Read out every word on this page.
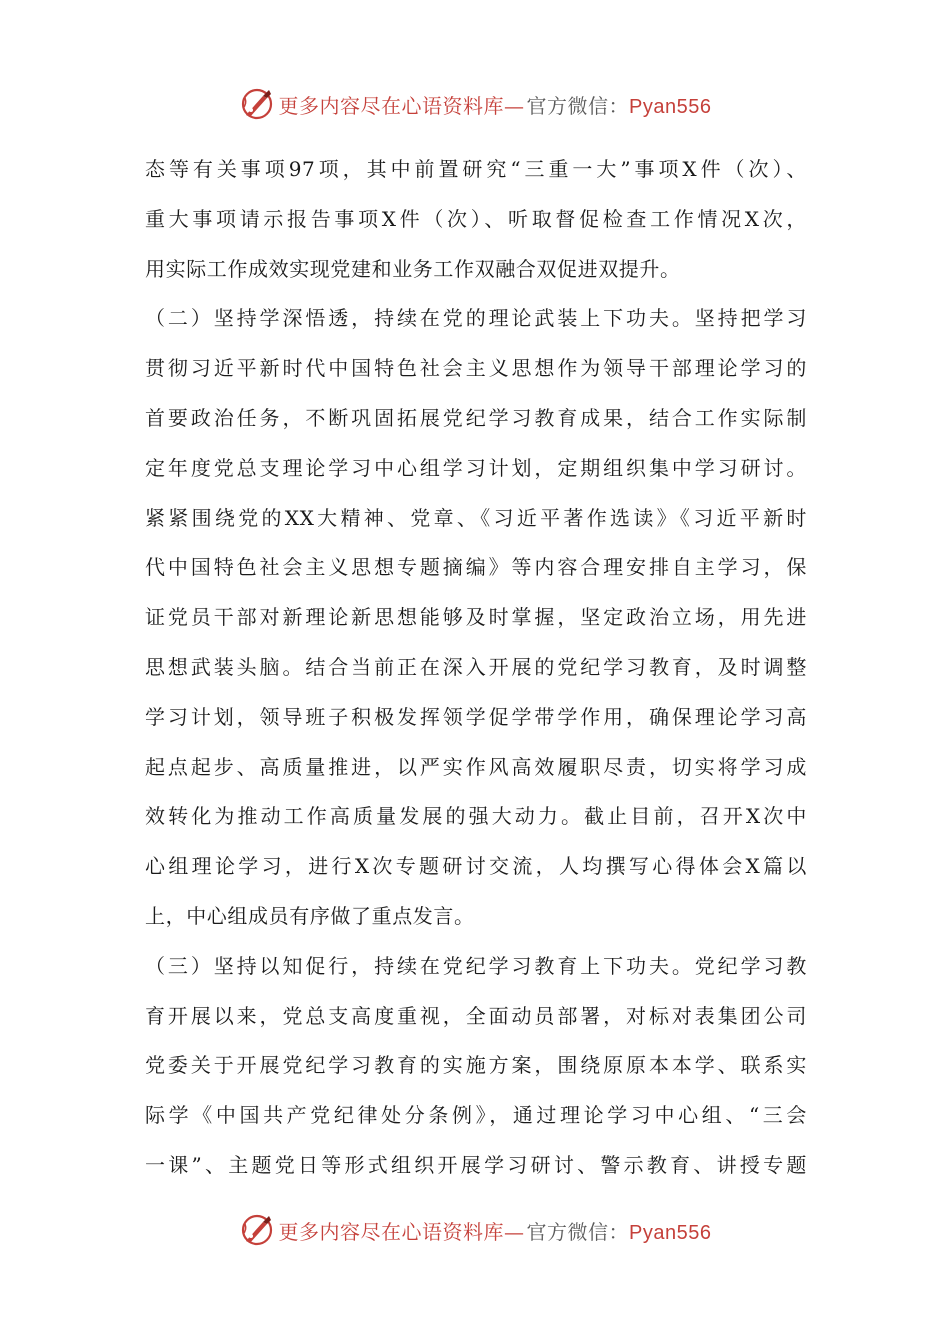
更多内容尽在心语资料库— 官方微信：Pyan556
态等有关事项97项，其中前置研究“三重一大”事项X件（次）、
重大事项请示报告事项X件（次）、听取督促检查工作情况X次，
用实际工作成效实现党建和业务工作双融合双促进双提升。
（二）坚持学深悟透，持续在党的理论武装上下功夫。坚持把学习
贯彻习近平新时代中国特色社会主义思想作为领导干部理论学习的
首要政治任务，不断巩固拓展党纪学习教育成果，结合工作实际制
定年度党总支理论学习中心组学习计划，定期组织集中学习研讨。
紧紧围绕党的XX大精神、党章、《习近平著作选读》《习近平新时
代中国特色社会主义思想专题摘编》等内容合理安排自主学习，保
证党员干部对新理论新思想能够及时掌握，坚定政治立场，用先进
思想武装头脑。结合当前正在深入开展的党纪学习教育，及时调整
学习计划，领导班子积极发挥领学促学带学作用，确保理论学习高
起点起步、高质量推进，以严实作风高效履职尽责，切实将学习成
效转化为推动工作高质量发展的强大动力。截止目前，召开X次中
心组理论学习，进行X次专题研讨交流，人均撰写心得体会X篇以
上，中心组成员有序做了重点发言。
（三）坚持以知促行，持续在党纪学习教育上下功夫。党纪学习教
育开展以来，党总支高度重视，全面动员部署，对标对表集团公司
党委关于开展党纪学习教育的实施方案，围绕原原本本学、联系实
际学《中国共产党纪律处分条例》，通过理论学习中心组、“三会
一课”、主题党日等形式组织开展学习研讨、警示教育、讲授专题
更多内容尽在心语资料库— 官方微信：Pyan556
